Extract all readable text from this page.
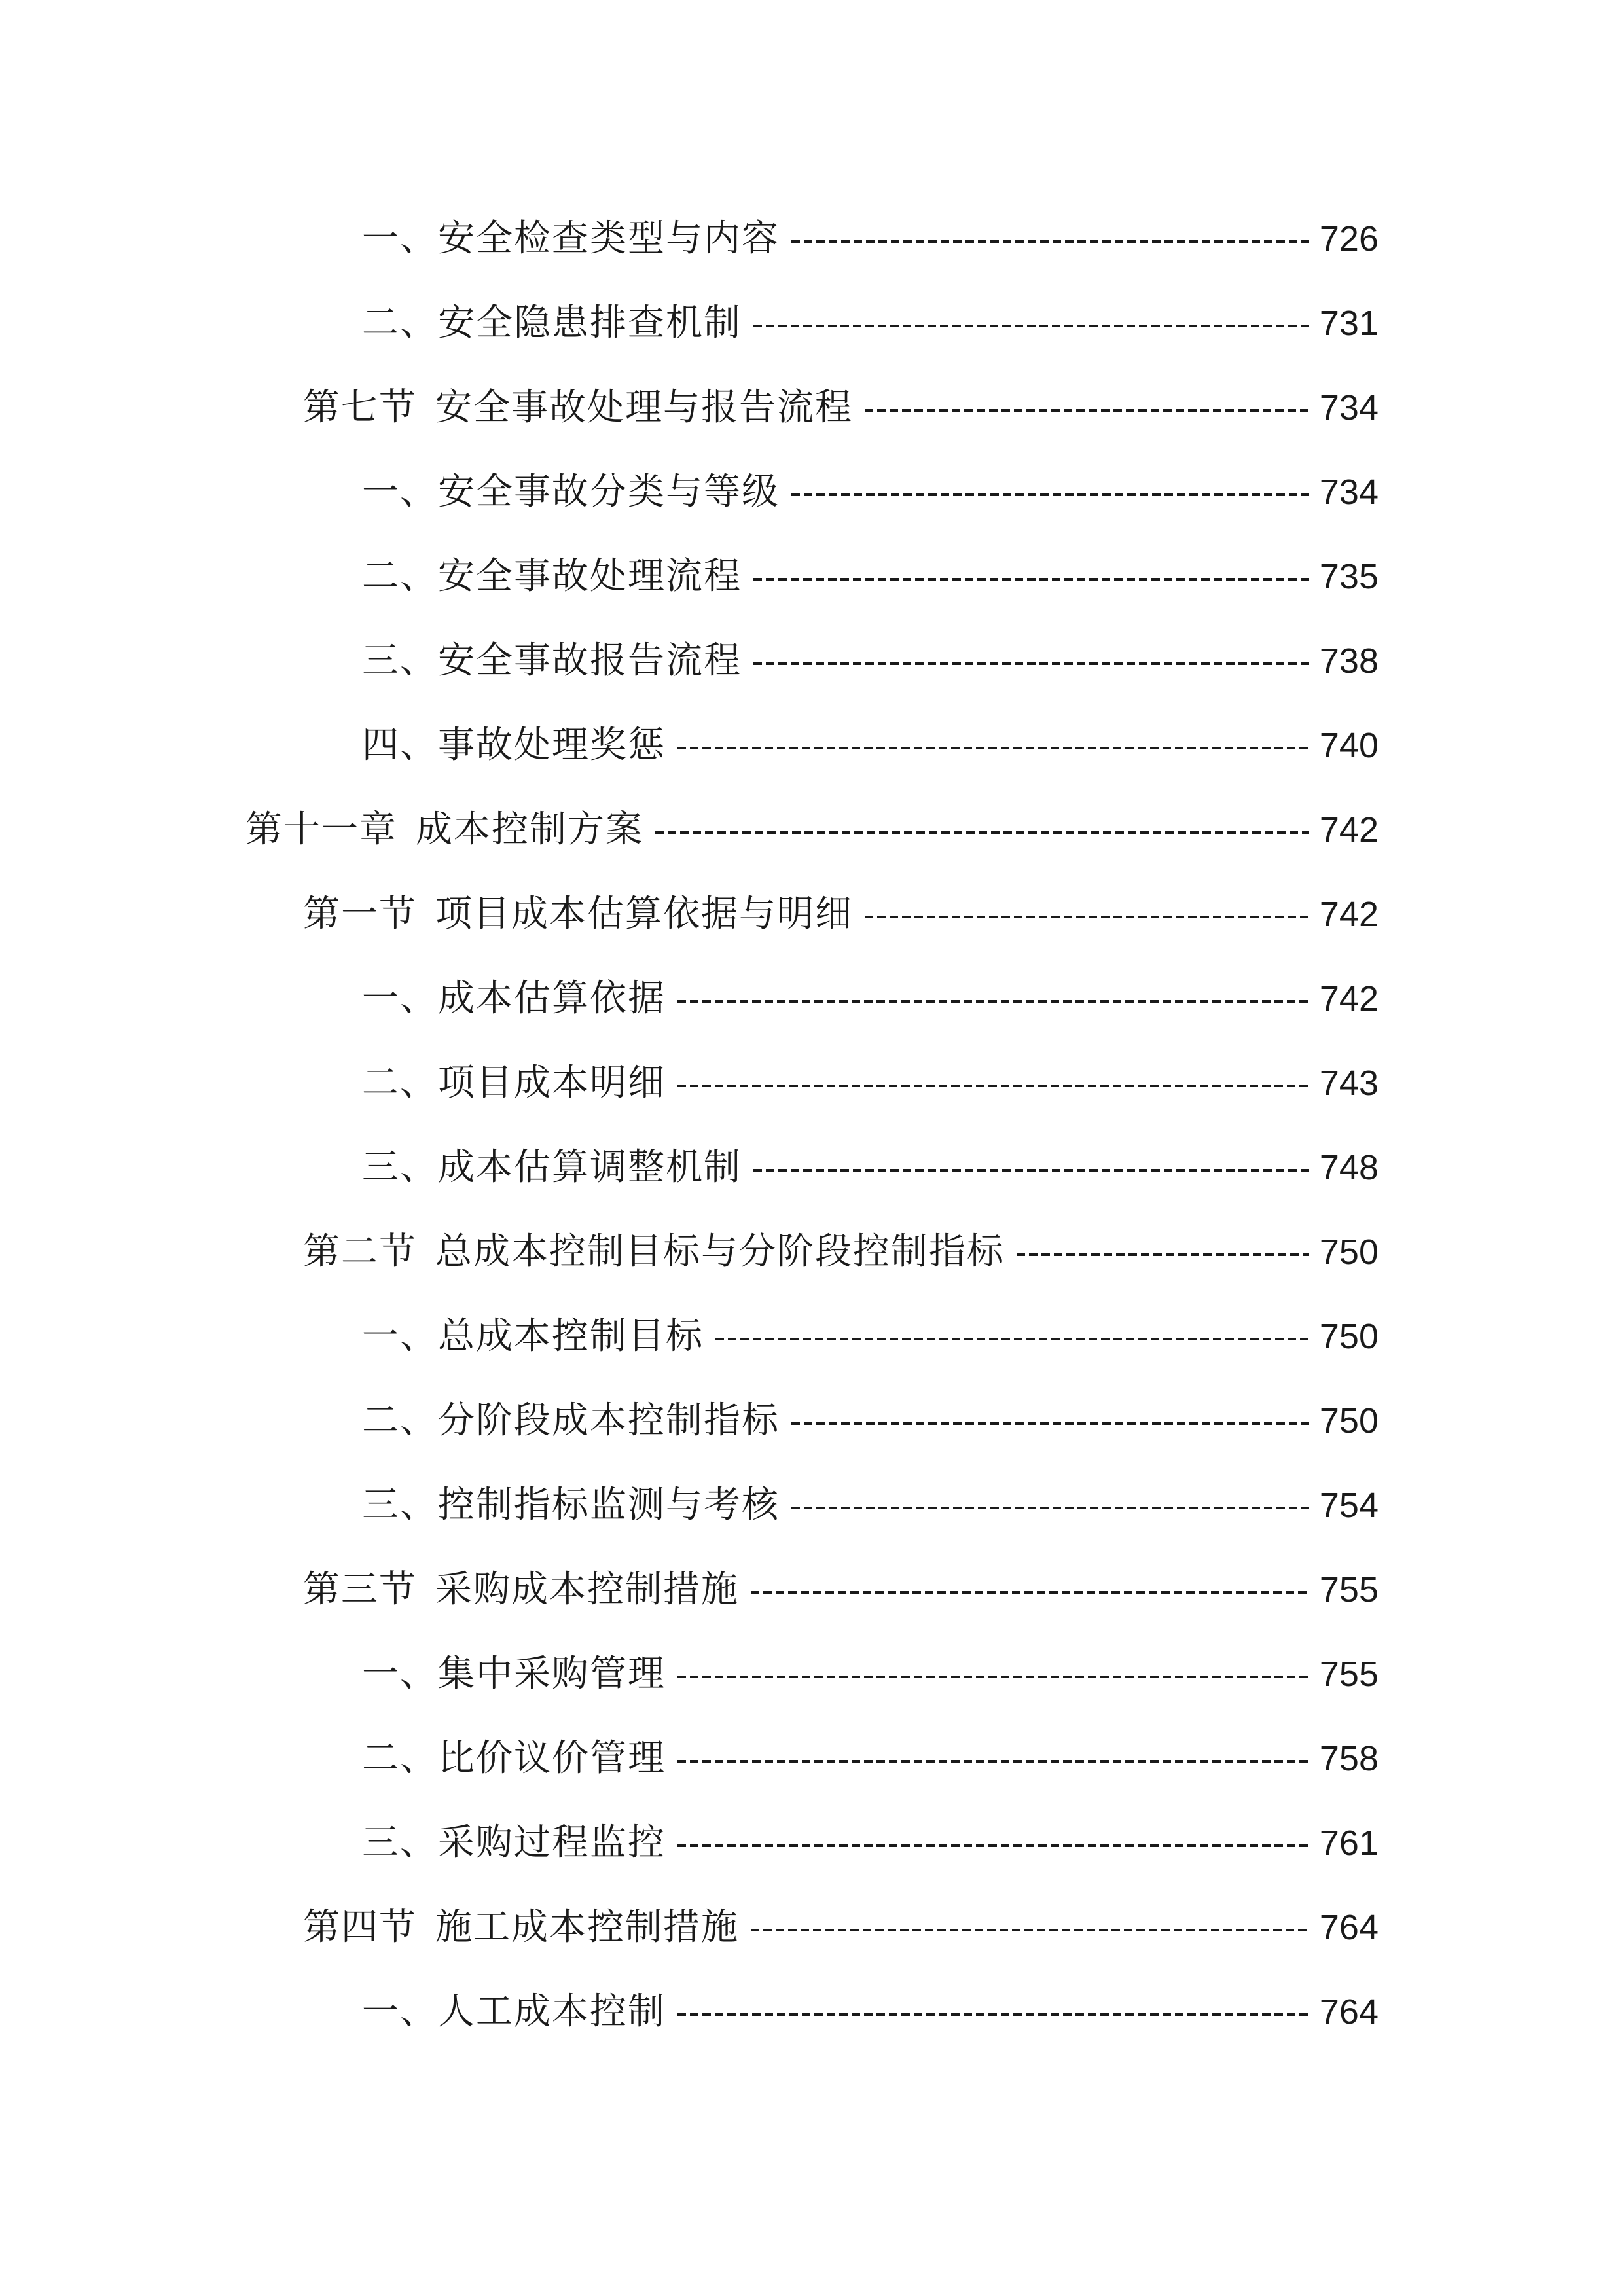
一、安全检查类型与内容	726
二、安全隐患排查机制	731
第七节 安全事故处理与报告流程	734
一、安全事故分类与等级	734
二、安全事故处理流程	735
三、安全事故报告流程	738
四、事故处理奖惩	740
第十一章 成本控制方案	742
第一节 项目成本估算依据与明细	742
一、成本估算依据	742
二、项目成本明细	743
三、成本估算调整机制	748
第二节 总成本控制目标与分阶段控制指标	750
一、总成本控制目标	750
二、分阶段成本控制指标	750
三、控制指标监测与考核	754
第三节 采购成本控制措施	755
一、集中采购管理	755
二、比价议价管理	758
三、采购过程监控	761
第四节 施工成本控制措施	764
一、人工成本控制	764
